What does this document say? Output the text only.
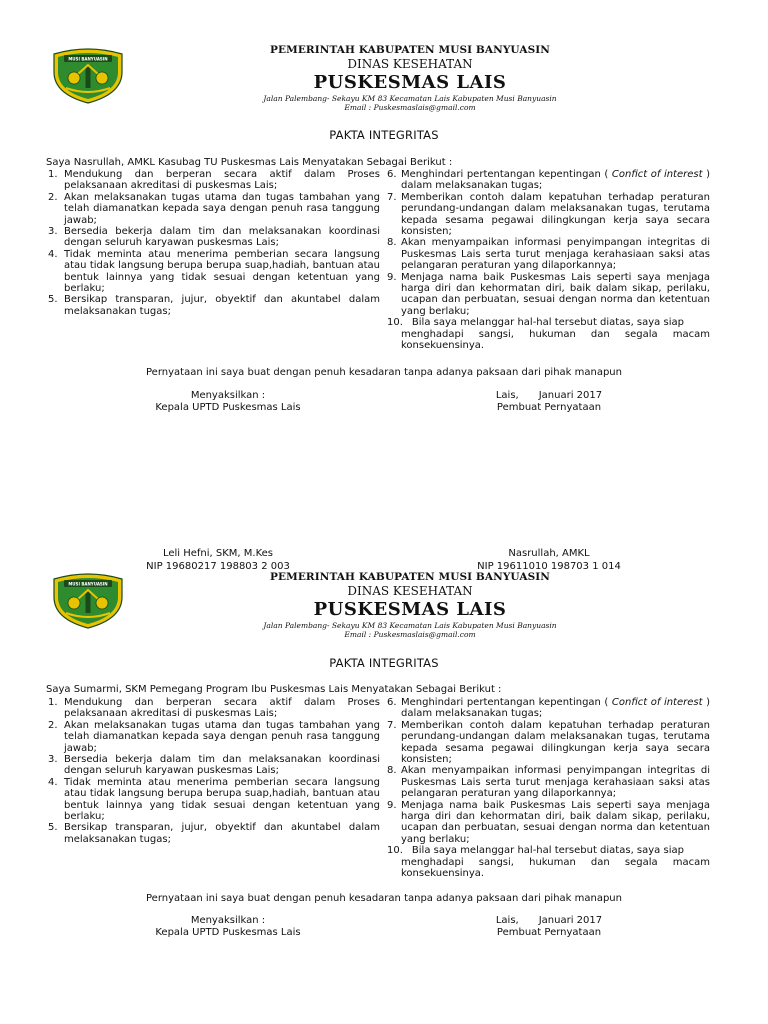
MUSI BANYUASIN
PEMERINTAH KABUPATEN MUSI BANYUASIN
DINAS KESEHATAN
PUSKESMAS LAIS
Jalan Palembang- Sekayu KM 83 Kecamatan Lais Kabupaten Musi Banyuasin
Email : Puskesmaslais@gmail.com
PAKTA INTEGRITAS
Saya Nasrullah, AMKL Kasubag TU Puskesmas Lais Menyatakan Sebagai Berikut :
1. Mendukung dan berperan secara aktif dalam Proses pelaksanaan akreditasi di puskesmas Lais;
2. Akan melaksanakan tugas utama dan tugas tambahan yang telah diamanatkan kepada saya dengan penuh rasa tanggung jawab;
3. Bersedia bekerja dalam tim dan melaksanakan koordinasi dengan seluruh karyawan puskesmas Lais;
4. Tidak meminta atau menerima pemberian secara langsung atau tidak langsung berupa berupa suap,hadiah, bantuan atau bentuk lainnya yang tidak sesuai dengan ketentuan yang berlaku;
5. Bersikap transparan, jujur, obyektif dan akuntabel dalam melaksanakan tugas;
6. Menghindari pertentangan kepentingan ( Confict of interest ) dalam melaksanakan tugas;
7. Memberikan contoh dalam kepatuhan terhadap peraturan perundang-undangan dalam melaksanakan tugas, terutama kepada sesama pegawai dilingkungan kerja saya secara konsisten;
8. Akan menyampaikan informasi penyimpangan integritas di Puskesmas Lais serta turut menjaga kerahasiaan saksi atas pelangaran peraturan yang dilaporkannya;
9. Menjaga nama baik Puskesmas Lais seperti saya menjaga harga diri dan kehormatan diri, baik dalam sikap, perilaku, ucapan dan perbuatan, sesuai dengan norma dan ketentuan yang berlaku;
10. Bila saya melanggar hal-hal tersebut diatas, saya siap
menghadapi sangsi, hukuman dan segala macam konsekuensinya.
Pernyataan ini saya buat dengan penuh kesadaran tanpa adanya paksaan dari pihak manapun
Menyaksilkan :
Kepala UPTD Puskesmas Lais
Lais, Januari 2017
Pembuat Pernyataan
Leli Hefni, SKM, M.Kes
NIP 19680217 198803 2 003
Nasrullah, AMKL
NIP 19611010 198703 1 014
MUSI BANYUASIN
PEMERINTAH KABUPATEN MUSI BANYUASIN
DINAS KESEHATAN
PUSKESMAS LAIS
Jalan Palembang- Sekayu KM 83 Kecamatan Lais Kabupaten Musi Banyuasin
Email : Puskesmaslais@gmail.com
PAKTA INTEGRITAS
Saya Sumarmi, SKM Pemegang Program Ibu Puskesmas Lais Menyatakan Sebagai Berikut :
1. Mendukung dan berperan secara aktif dalam Proses pelaksanaan akreditasi di puskesmas Lais;
2. Akan melaksanakan tugas utama dan tugas tambahan yang telah diamanatkan kepada saya dengan penuh rasa tanggung jawab;
3. Bersedia bekerja dalam tim dan melaksanakan koordinasi dengan seluruh karyawan puskesmas Lais;
4. Tidak meminta atau menerima pemberian secara langsung atau tidak langsung berupa berupa suap,hadiah, bantuan atau bentuk lainnya yang tidak sesuai dengan ketentuan yang berlaku;
5. Bersikap transparan, jujur, obyektif dan akuntabel dalam melaksanakan tugas;
6. Menghindari pertentangan kepentingan ( Confict of interest ) dalam melaksanakan tugas;
7. Memberikan contoh dalam kepatuhan terhadap peraturan perundang-undangan dalam melaksanakan tugas, terutama kepada sesama pegawai dilingkungan kerja saya secara konsisten;
8. Akan menyampaikan informasi penyimpangan integritas di Puskesmas Lais serta turut menjaga kerahasiaan saksi atas pelangaran peraturan yang dilaporkannya;
9. Menjaga nama baik Puskesmas Lais seperti saya menjaga harga diri dan kehormatan diri, baik dalam sikap, perilaku, ucapan dan perbuatan, sesuai dengan norma dan ketentuan yang berlaku;
10. Bila saya melanggar hal-hal tersebut diatas, saya siap
menghadapi sangsi, hukuman dan segala macam konsekuensinya.
Pernyataan ini saya buat dengan penuh kesadaran tanpa adanya paksaan dari pihak manapun
Menyaksilkan :
Kepala UPTD Puskesmas Lais
Lais, Januari 2017
Pembuat Pernyataan
